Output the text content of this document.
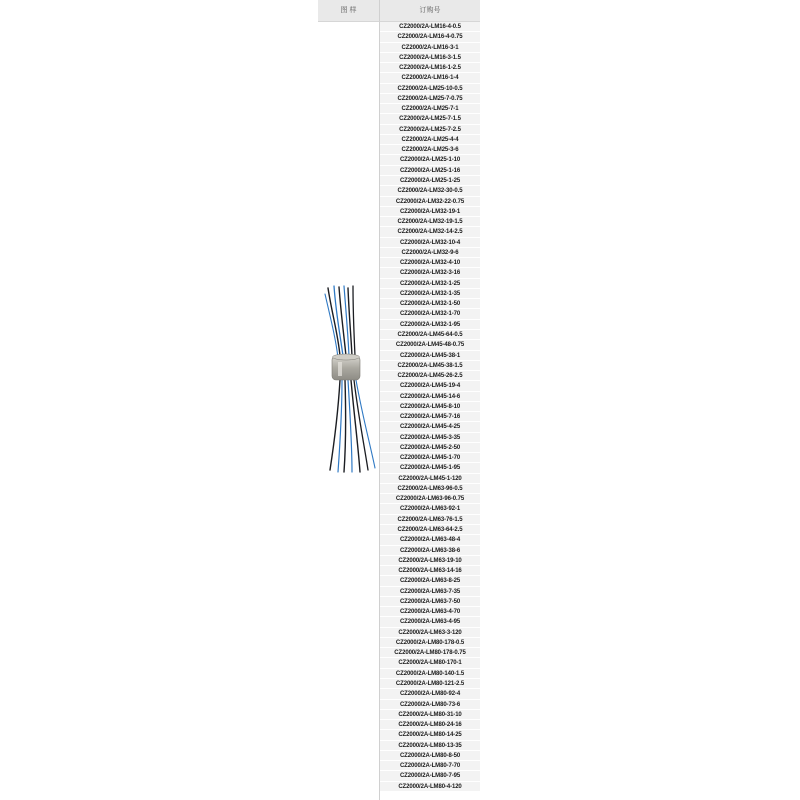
图 样	订购号
CZ2000/2A-LM16-4-0.5
CZ2000/2A-LM16-4-0.75
CZ2000/2A-LM16-3-1
CZ2000/2A-LM16-3-1.5
CZ2000/2A-LM16-1-2.5
CZ2000/2A-LM16-1-4
CZ2000/2A-LM25-10-0.5
CZ2000/2A-LM25-7-0.75
CZ2000/2A-LM25-7-1
CZ2000/2A-LM25-7-1.5
CZ2000/2A-LM25-7-2.5
CZ2000/2A-LM25-4-4
CZ2000/2A-LM25-3-6
CZ2000/2A-LM25-1-10
CZ2000/2A-LM25-1-16
CZ2000/2A-LM25-1-25
CZ2000/2A-LM32-30-0.5
CZ2000/2A-LM32-22-0.75
CZ2000/2A-LM32-19-1
CZ2000/2A-LM32-19-1.5
CZ2000/2A-LM32-14-2.5
CZ2000/2A-LM32-10-4
CZ2000/2A-LM32-9-6
CZ2000/2A-LM32-4-10
CZ2000/2A-LM32-3-16
CZ2000/2A-LM32-1-25
CZ2000/2A-LM32-1-35
CZ2000/2A-LM32-1-50
CZ2000/2A-LM32-1-70
CZ2000/2A-LM32-1-95
CZ2000/2A-LM45-64-0.5
CZ2000/2A-LM45-48-0.75
CZ2000/2A-LM45-38-1
CZ2000/2A-LM45-38-1.5
CZ2000/2A-LM45-26-2.5
CZ2000/2A-LM45-19-4
CZ2000/2A-LM45-14-6
CZ2000/2A-LM45-8-10
CZ2000/2A-LM45-7-16
CZ2000/2A-LM45-4-25
CZ2000/2A-LM45-3-35
CZ2000/2A-LM45-2-50
CZ2000/2A-LM45-1-70
CZ2000/2A-LM45-1-95
CZ2000/2A-LM45-1-120
CZ2000/2A-LM63-96-0.5
CZ2000/2A-LM63-96-0.75
CZ2000/2A-LM63-92-1
CZ2000/2A-LM63-76-1.5
CZ2000/2A-LM63-64-2.5
CZ2000/2A-LM63-48-4
CZ2000/2A-LM63-38-6
CZ2000/2A-LM63-19-10
CZ2000/2A-LM63-14-16
CZ2000/2A-LM63-8-25
CZ2000/2A-LM63-7-35
CZ2000/2A-LM63-7-50
CZ2000/2A-LM63-4-70
CZ2000/2A-LM63-4-95
CZ2000/2A-LM63-3-120
CZ2000/2A-LM80-178-0.5
CZ2000/2A-LM80-178-0.75
CZ2000/2A-LM80-170-1
CZ2000/2A-LM80-140-1.5
CZ2000/2A-LM80-121-2.5
CZ2000/2A-LM80-92-4
CZ2000/2A-LM80-73-6
CZ2000/2A-LM80-31-10
CZ2000/2A-LM80-24-16
CZ2000/2A-LM80-14-25
CZ2000/2A-LM80-13-35
CZ2000/2A-LM80-8-50
CZ2000/2A-LM80-7-70
CZ2000/2A-LM80-7-95
CZ2000/2A-LM80-4-120
